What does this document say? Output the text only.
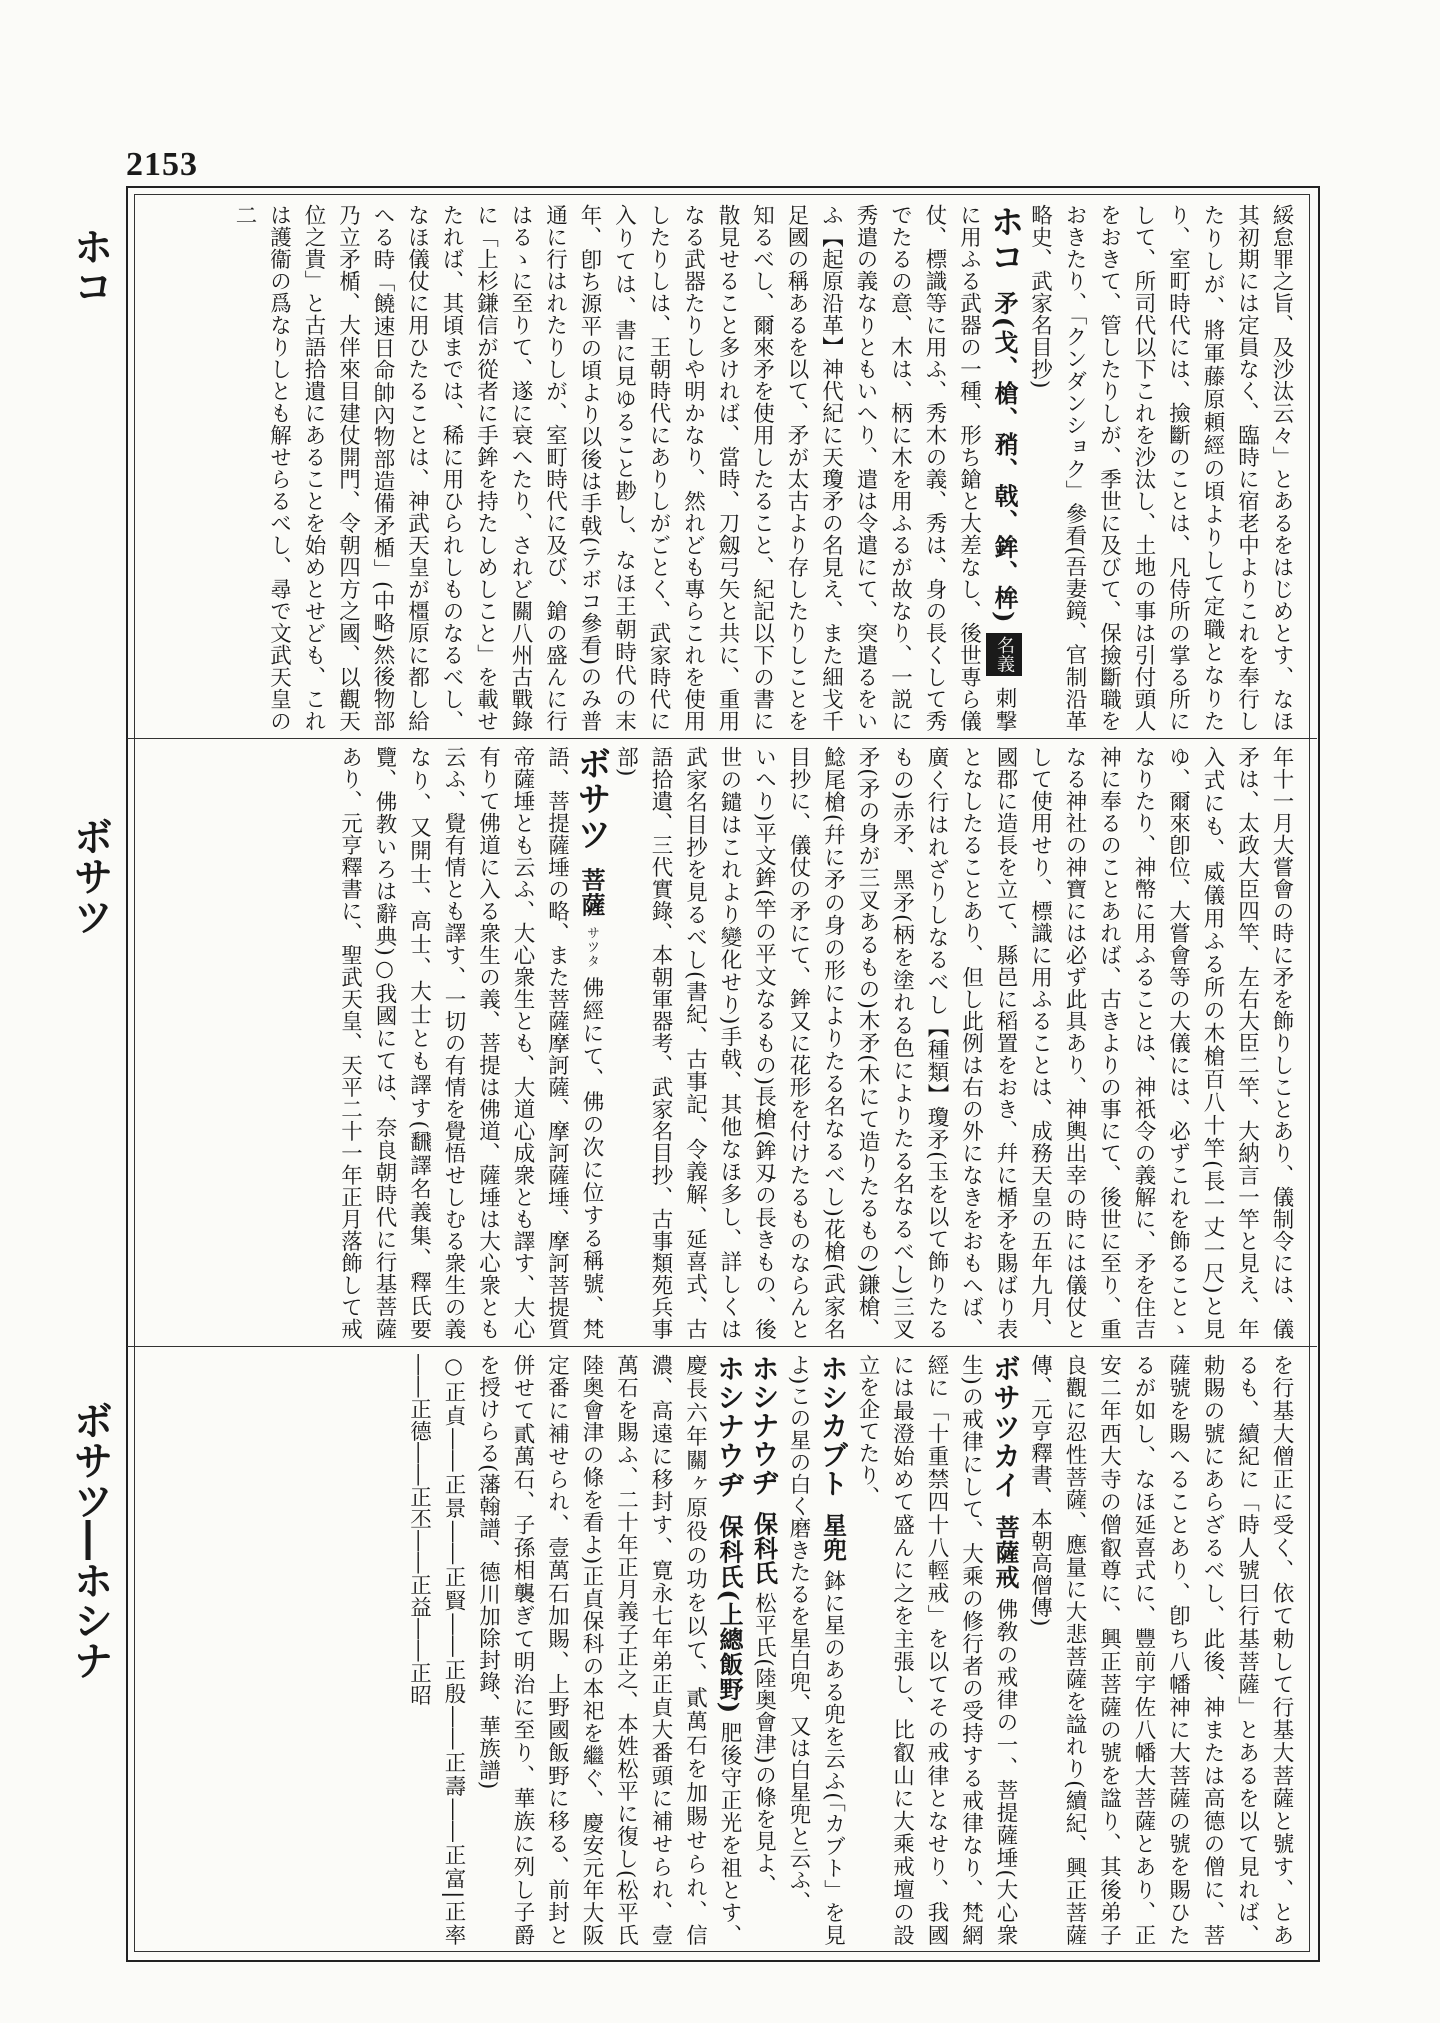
2153
ホコ
ボサツ
ボサツ―ホシナ

綏怠罪之旨、及沙汰云々」とあるをはじめとす、なほ其初期には定員なく、臨時に宿老中よりこれを奉行したりしが、將軍藤原頼經の頃よりして定職となりたり、室町時代には、撿斷のことは、凡侍所の掌る所にして、所司代以下これを沙汰し、土地の事は引付頭人をおきて、管したりしが、季世に及びて、保撿斷職をおきたり、「クンダンショク」參看(吾妻鏡、官制沿革略史、武家名目抄)

ホコ 矛(戈、槍、矟、戟、鉾、桙) 名義 刺撃に用ふる武器の一種、形ち鎗と大差なし、後世専ら儀仗、標識等に用ふ、秀木の義、秀は、身の長くして秀でたるの意、木は、柄に木を用ふるが故なり、一説に秀遣の義なりともいへり、遣は令遣にて、突遣るをいふ【起原沿革】神代紀に天瓊矛の名見え、また細戈千足國の稱あるを以て、矛が太古より存したりしことを知るべし、爾來矛を使用したること、紀記以下の書に散見せること多ければ、當時、刀劔弓矢と共に、重用なる武器たりしや明かなり、然れども專らこれを使用したりしは、王朝時代にありしがごとく、武家時代に入りては、書に見ゆること尠し、なほ王朝時代の末年、卽ち源平の頃より以後は手戟(テボコ參看)のみ普通に行はれたりしが、室町時代に及び、鎗の盛んに行はるゝに至りて、遂に衰へたり、されど關八州古戰錄に「上杉鎌信が從者に手鉾を持たしめしこと」を載せたれば、其頃までは、稀に用ひられしものなるべし、なほ儀仗に用ひたることは、神武天皇が橿原に都し給へる時「饒速日命帥內物部造備矛楯」(中略)然後物部乃立矛楯、大伴來目建仗開門、令朝四方之國、以觀天位之貴」と古語拾遺にあることを始めとせども、これは護衞の爲なりしとも解せらるべし、尋で文武天皇の二

年十一月大嘗會の時に矛を飾りしことあり、儀制令には、儀矛は、太政大臣四竿、左右大臣二竿、大納言一竿と見え、年入式にも、威儀用ふる所の木槍百八十竿(長一丈一尺)と見ゆ、爾來卽位、大嘗會等の大儀には、必ずこれを飾ることゝなりたり、神幣に用ふることは、神祇令の義解に、矛を住吉神に奉るのことあれば、古きよりの事にて、後世に至り、重なる神社の神寶には必ず此具あり、神輿出幸の時には儀仗として使用せり、標識に用ふることは、成務天皇の五年九月、國郡に造長を立て、縣邑に稻置をおき、幷に楯矛を賜ばり表となしたることあり、但し此例は右の外になきをおもへば、廣く行はれざりしなるべし【種類】瓊矛(玉を以て飾りたるもの)赤矛、黑矛(柄を塗れる色によりたる名なるべし)三叉矛(矛の身が三叉あるもの)木矛(木にて造りたるもの)鎌槍、鯰尾槍(幷に矛の身の形によりたる名なるべし)花槍(武家名目抄に、儀仗の矛にて、鉾又に花形を付けたるものならんといへり)平文鉾(竿の平文なるもの)長槍(鉾刄の長きもの、後世の鑓はこれより變化せり)手戟、其他なほ多し、詳しくは武家名目抄を見るべし(書紀、古事記、令義解、延喜式、古語拾遺、三代實錄、本朝軍器考、武家名目抄、古事類苑兵事部)

ボサツ 菩薩 サツタ 佛經にて、佛の次に位する稱號、梵語、菩提薩埵の略、また菩薩摩訶薩、摩訶薩埵、摩訶菩提質帝薩埵とも云ふ、大心衆生とも、大道心成衆とも譯す、大心有りて佛道に入る衆生の義、菩提は佛道、薩埵は大心衆とも云ふ、覺有情とも譯す、一切の有情を覺悟せしむる衆生の義なり、又開士、高士、大士とも譯す(飜譯名義集、釋氏要覽、佛教いろは辭典)○我國にては、奈良朝時代に行基菩薩あり、元亨釋書に、聖武天皇、天平二十一年正月落飾して戒

を行基大僧正に受く、依て勅して行基大菩薩と號す、とあるも、續紀に「時人號曰行基菩薩」とあるを以て見れば、勅賜の號にあらざるべし、此後、神または高德の僧に、菩薩號を賜へることあり、卽ち八幡神に大菩薩の號を賜ひたるが如し、なほ延喜式に、豐前宇佐八幡大菩薩とあり、正安二年西大寺の僧叡尊に、興正菩薩の號を諡り、其後弟子良觀に忍性菩薩、應量に大悲菩薩を諡れり(續紀、興正菩薩傳、元亨釋書、本朝高僧傳)

ボサツカイ 菩薩戒 佛敎の戒律の一、菩提薩埵(大心衆生)の戒律にして、大乘の修行者の受持する戒律なり、梵網經に「十重禁四十八輕戒」を以てその戒律となせり、我國には最澄始めて盛んに之を主張し、比叡山に大乘戒壇の設立を企てたり、

ホシカブト 星兜 鉢に星のある兜を云ふ(「カブト」を見よ)この星の白く磨きたるを星白兜、又は白星兜と云ふ、

ホシナウヂ 保科氏 松平氏(陸奥會津)の條を見よ、

ホシナウヂ 保科氏(上總飯野) 肥後守正光を祖とす、慶長六年關ヶ原役の功を以て、貳萬石を加賜せられ、信濃、高遠に移封す、寛永七年弟正貞大番頭に補せられ、壹萬石を賜ふ、二十年正月義子正之、本姓松平に復し(松平氏陸奥會津の條を看よ)正貞保科の本祀を繼ぐ、慶安元年大阪定番に補せられ、壹萬石加賜、上野國飯野に移る、前封と併せて貳萬石、子孫相襲ぎて明治に至り、華族に列し子爵を授けらる(藩翰譜、德川加除封錄、華族譜)

○正貞――正景――正賢――正殷――正壽――正富|正率――正德――正丕――正益――正昭
